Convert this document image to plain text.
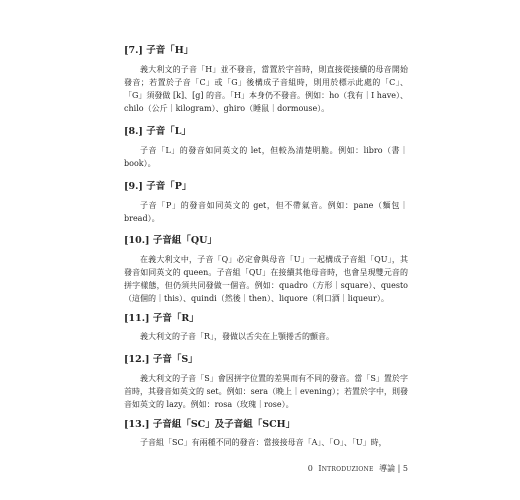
[7.] 子音「H」

義大利文的子音「H」並不發音，當置於字首時，則直接從接續的母音開始發音；若置於子音「C」或「G」後構成子音組時，則用於標示此處的「C」、「G」須發做 [k]、[g] 的音。「H」本身仍不發音。例如：ho（我有｜I have）、chilo（公斤｜kilogram）、ghiro（睡鼠｜dormouse）。

[8.] 子音「L」

子音「L」的發音如同英文的 let，但較為清楚明脆。例如：libro（書｜book）。

[9.] 子音「P」

子音「P」的發音如同英文的 get，但不帶氣音。例如：pane（麵包｜bread）。

[10.] 子音組「QU」

在義大利文中，子音「Q」必定會與母音「U」一起構成子音組「QU」，其發音如同英文的 queen。子音組「QU」在接續其他母音時，也會呈現雙元音的拼字樣態，但仍須共同發做一個音。例如：quadro（方形｜square）、questo（這個的｜this）、quindi（然後｜then）、liquore（利口酒｜liqueur）。

[11.] 子音「R」

義大利文的子音「R」，發做以舌尖在上顎捲舌的顫音。

[12.] 子音「S」

義大利文的子音「S」會因拼字位置的差異而有不同的發音。當「S」置於字首時，其發音如英文的 set。例如：sera（晚上｜evening）；若置於字中，則發音如英文的 lazy。例如：rosa（玫瑰｜rose）。

[13.] 子音組「SC」及子音組「SCH」

子音組「SC」有兩種不同的發音：當接接母音「A」、「O」、「U」時，

0 Introduzione 導論 | 5
